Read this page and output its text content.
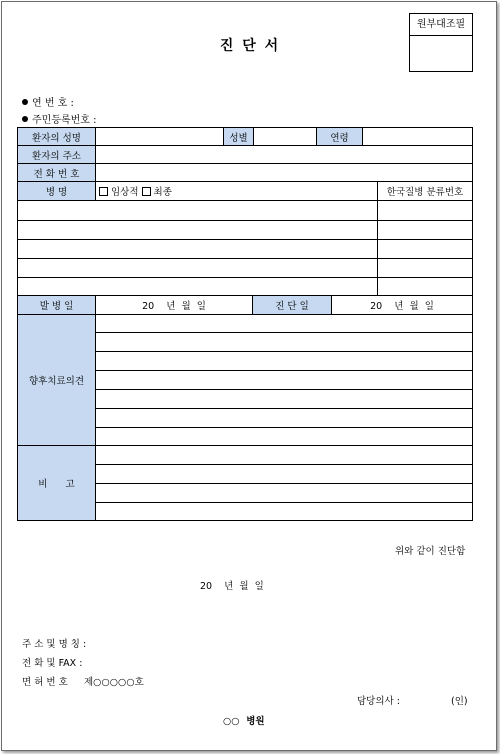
원부대조필
진 단 서
연 번 호 :
주민등록번호 :
환자의 성명	성별	연령
환자의 주소
전 화 번 호
병 명	임상적 최종	한국질병 분류번호
발 병 일	20    년  월  일	진 단 일	20    년  월  일
향후치료의견
비      고
위와 같이 진단함
20    년  월  일
주 소 및 명 칭 :
전 화 및 FAX :
면 허 번 호 제○○○○○호
담당의사 :	(인)
○○  병원
